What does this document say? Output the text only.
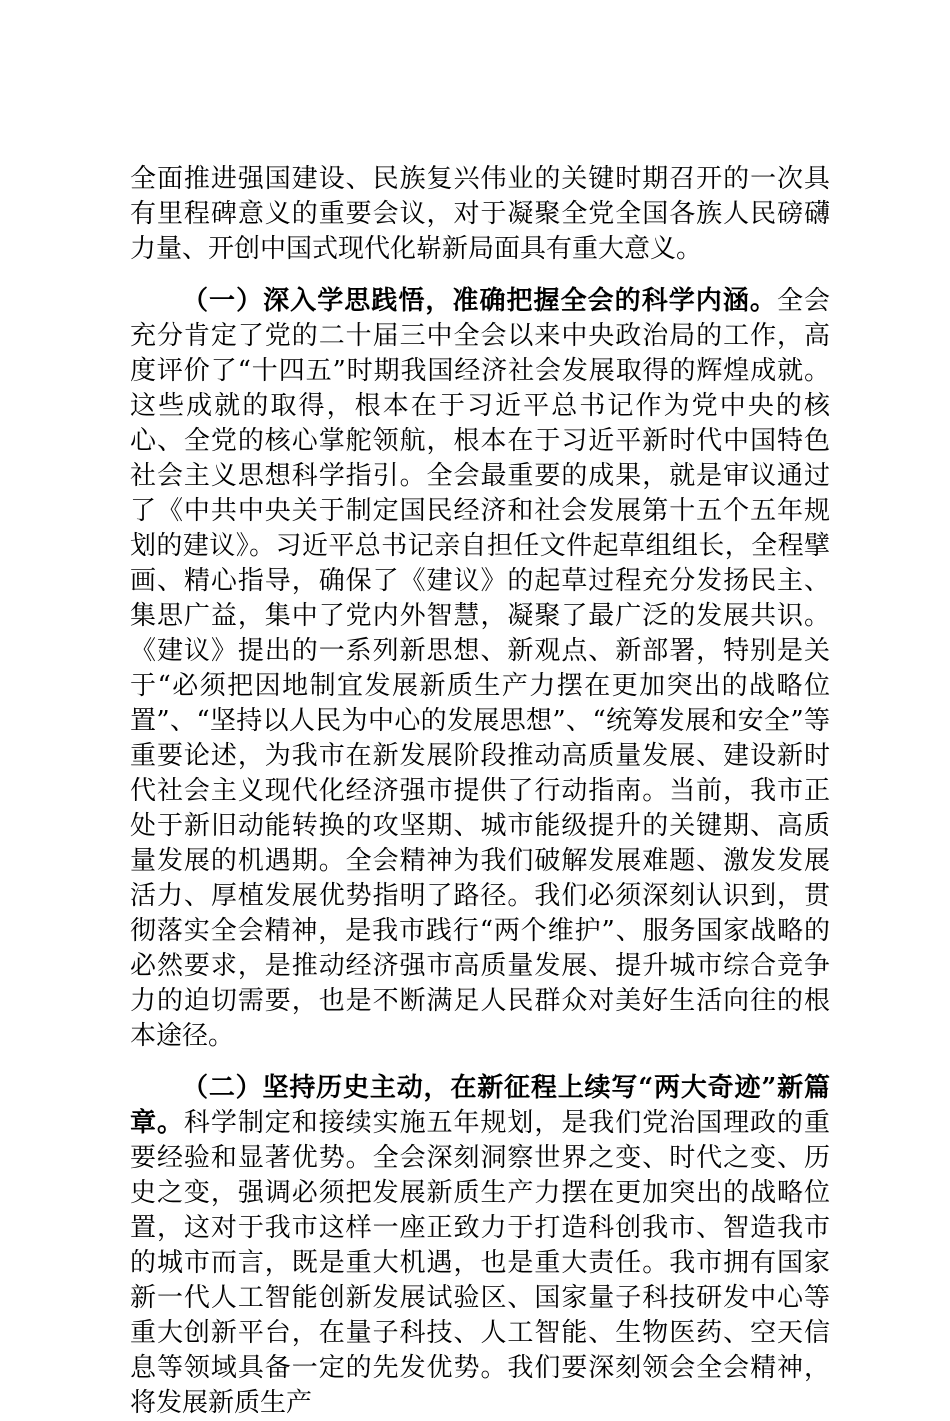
全面推进强国建设、民族复兴伟业的关键时期召开的一次具有里程碑意义的重要会议，对于凝聚全党全国各族人民磅礴力量、开创中国式现代化崭新局面具有重大意义。

（一）深入学思践悟，准确把握全会的科学内涵。全会充分肯定了党的二十届三中全会以来中央政治局的工作，高度评价了“十四五”时期我国经济社会发展取得的辉煌成就。这些成就的取得，根本在于习近平总书记作为党中央的核心、全党的核心掌舵领航，根本在于习近平新时代中国特色社会主义思想科学指引。全会最重要的成果，就是审议通过了《中共中央关于制定国民经济和社会发展第十五个五年规划的建议》。习近平总书记亲自担任文件起草组组长，全程擘画、精心指导，确保了《建议》的起草过程充分发扬民主、集思广益，集中了党内外智慧，凝聚了最广泛的发展共识。《建议》提出的一系列新思想、新观点、新部署，特别是关于“必须把因地制宜发展新质生产力摆在更加突出的战略位置”、“坚持以人民为中心的发展思想”、“统筹发展和安全”等重要论述，为我市在新发展阶段推动高质量发展、建设新时代社会主义现代化经济强市提供了行动指南。当前，我市正处于新旧动能转换的攻坚期、城市能级提升的关键期、高质量发展的机遇期。全会精神为我们破解发展难题、激发发展活力、厚植发展优势指明了路径。我们必须深刻认识到，贯彻落实全会精神，是我市践行“两个维护”、服务国家战略的必然要求，是推动经济强市高质量发展、提升城市综合竞争力的迫切需要，也是不断满足人民群众对美好生活向往的根本途径。

（二）坚持历史主动，在新征程上续写“两大奇迹”新篇章。科学制定和接续实施五年规划，是我们党治国理政的重要经验和显著优势。全会深刻洞察世界之变、时代之变、历史之变，强调必须把发展新质生产力摆在更加突出的战略位置，这对于我市这样一座正致力于打造科创我市、智造我市的城市而言，既是重大机遇，也是重大责任。我市拥有国家新一代人工智能创新发展试验区、国家量子科技研发中心等重大创新平台，在量子科技、人工智能、生物医药、空天信息等领域具备一定的先发优势。我们要深刻领会全会精神，将发展新质生产
